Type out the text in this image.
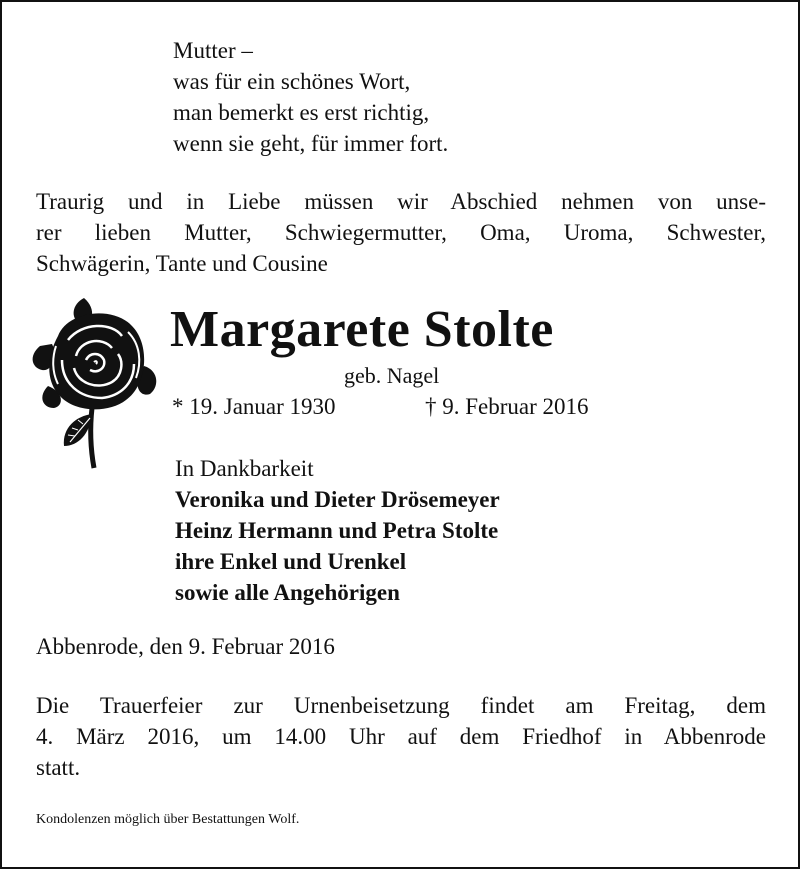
Mutter –
was für ein schönes Wort,
man bemerkt es erst richtig,
wenn sie geht, für immer fort.
Traurig und in Liebe müssen wir Abschied nehmen von unse-
rer lieben Mutter, Schwiegermutter, Oma, Uroma, Schwester,
Schwägerin, Tante und Cousine
Margarete Stolte
geb. Nagel
* 19. Januar 1930	† 9. Februar 2016
In Dankbarkeit
Veronika und Dieter Drösemeyer
Heinz Hermann und Petra Stolte
ihre Enkel und Urenkel
sowie alle Angehörigen
Abbenrode, den 9. Februar 2016
Die Trauerfeier zur Urnenbeisetzung findet am Freitag, dem
4. März 2016, um 14.00 Uhr auf dem Friedhof in Abbenrode
statt.
Kondolenzen möglich über Bestattungen Wolf.
